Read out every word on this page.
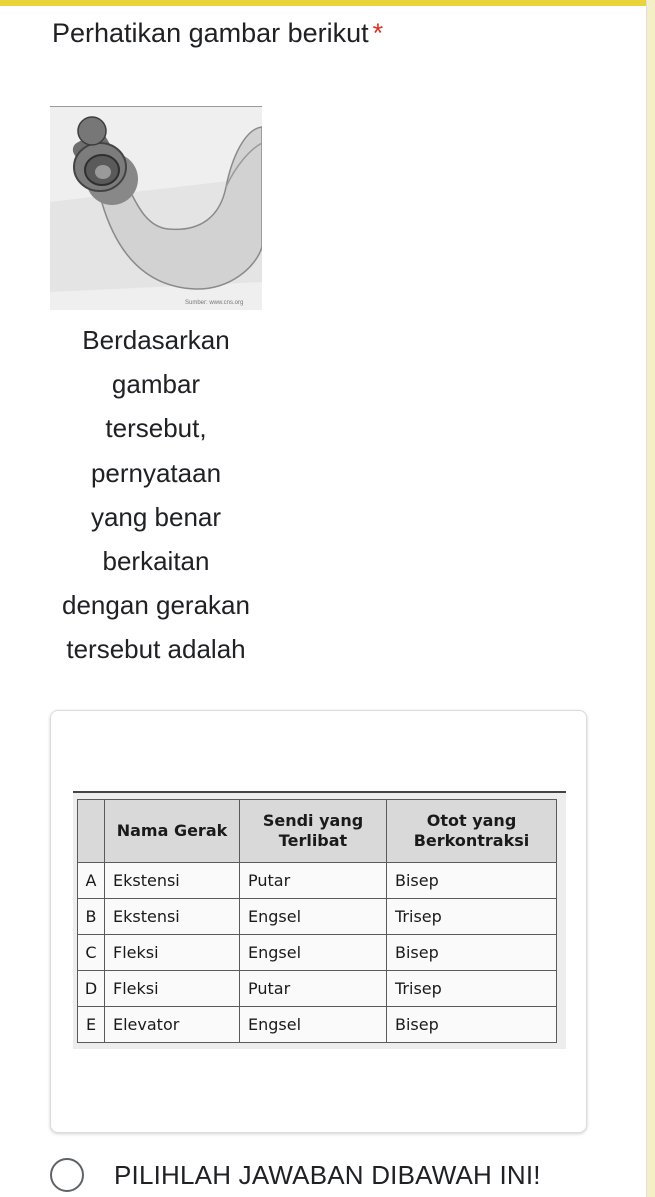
Perhatikan gambar berikut *
Sumber: www.cns.org
Berdasarkan
gambar
tersebut,
pernyataan
yang benar
berkaitan
dengan gerakan
tersebut adalah
	Nama Gerak	Sendi yang Terlibat	Otot yang Berkontraksi
A	Ekstensi	Putar	Bisep
B	Ekstensi	Engsel	Trisep
C	Fleksi	Engsel	Bisep
D	Fleksi	Putar	Trisep
E	Elevator	Engsel	Bisep
PILIHLAH JAWABAN DIBAWAH INI!
